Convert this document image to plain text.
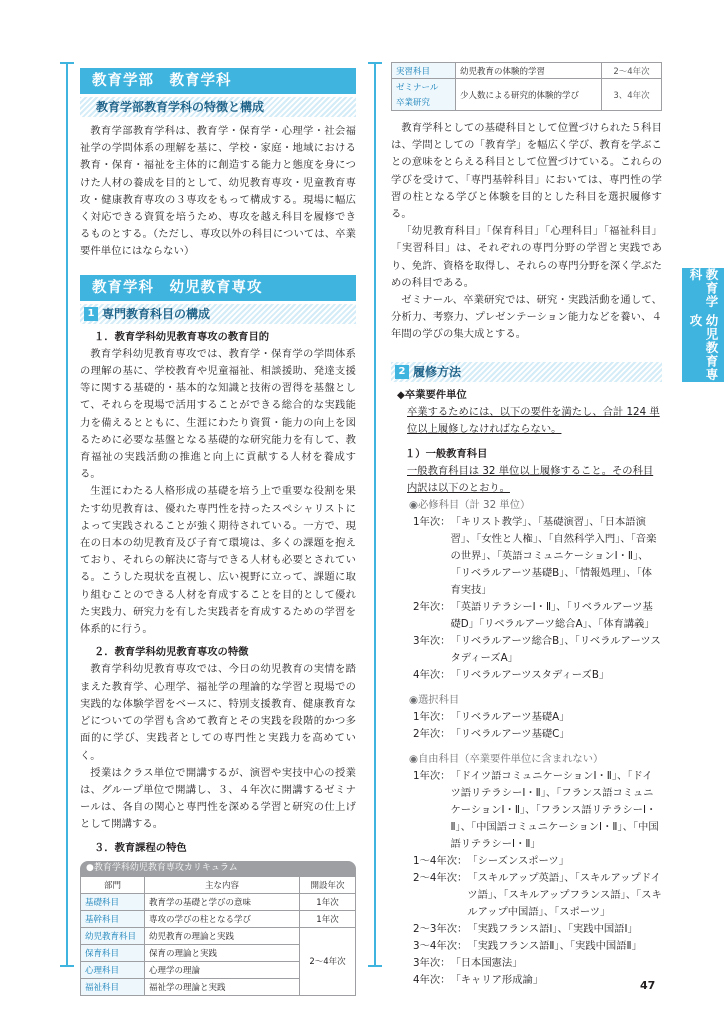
教育学部　教育学科
教育学部教育学科の特徴と構成

教育学部教育学科は、教育学・保育学・心理学・社会福祉学の学問体系の理解を基に、学校・家庭・地域における教育・保育・福祉を主体的に創造する能力と態度を身につけた人材の養成を目的として、幼児教育専攻・児童教育専攻・健康教育専攻の３専攻をもって構成する。現場に幅広く対応できる資質を培うため、専攻を越え科目を履修できるものとする。（ただし、専攻以外の科目については、卒業要件単位にはならない）

教育学科　幼児教育専攻
1 専門教育科目の構成
１．教育学科幼児教育専攻の教育目的

教育学科幼児教育専攻では、教育学・保育学の学問体系の理解の基に、学校教育や児童福祉、相談援助、発達支援等に関する基礎的・基本的な知識と技術の習得を基盤として、それらを現場で活用することができる総合的な実践能力を備えるとともに、生涯にわたり資質・能力の向上を図るために必要な基盤となる基礎的な研究能力を有して、教育福祉の実践活動の推進と向上に貢献する人材を養成する。

生涯にわたる人格形成の基礎を培う上で重要な役割を果たす幼児教育は、優れた専門性を持ったスペシャリストによって実践されることが強く期待されている。一方で、現在の日本の幼児教育及び子育て環境は、多くの課題を抱えており、それらの解決に寄与できる人材も必要とされている。こうした現状を直視し、広い視野に立って、課題に取り組むことのできる人材を育成することを目的として優れた実践力、研究力を有した実践者を育成するための学習を体系的に行う。

２．教育学科幼児教育専攻の特徴

教育学科幼児教育専攻では、今日の幼児教育の実情を踏まえた教育学、心理学、福祉学の理論的な学習と現場での実践的な体験学習をベースに、特別支援教育、健康教育などについての学習も含めて教育とその実践を段階的かつ多面的に学び、実践者としての専門性と実践力を高めていく。

授業はクラス単位で開講するが、演習や実技中心の授業は、グループ単位で開講し、３、４年次に開講するゼミナールは、各自の関心と専門性を深める学習と研究の仕上げとして開講する。

３．教育課程の特色
●教育学科幼児教育専攻カリキュラム
部門	主な内容	開設年次
基礎科目	教育学の基礎と学びの意味	1年次
基幹科目	専攻の学びの柱となる学び	1年次
幼児教育科目	幼児教育の理論と実践	2～4年次
保育科目	保育の理論と実践	
心理科目	心理学の理論	
福祉科目	福祉学の理論と実践	
実習科目	幼児教育の体験的学習	2～4年次
ゼミナール	少人数による研究的体験的学び	3、4年次
卒業研究		

教育学科としての基礎科目として位置づけられた５科目は、学問としての「教育学」を幅広く学び、教育を学ぶことの意味をとらえる科目として位置づけている。これらの学びを受けて、「専門基幹科目」においては、専門性の学習の柱となる学びと体験を目的とした科目を選択履修する。

「幼児教育科目」「保育科目」「心理科目」「福祉科目」「実習科目」は、それぞれの専門分野の学習と実践であり、免許、資格を取得し、それらの専門分野を深く学ぶための科目である。

ゼミナール、卒業研究では、研究・実践活動を通して、分析力、考察力、プレゼンテーション能力などを養い、４年間の学びの集大成とする。

2 履修方法
◆卒業要件単位
卒業するためには、以下の要件を満たし、合計 124 単位以上履修しなければならない。
１）一般教育科目
一般教育科目は 32 単位以上履修すること。その科目内訳は以下のとおり。
◉必修科目（計 32 単位）
1年次： 「キリスト教学」、「基礎演習」、「日本語演習」、「女性と人権」、「自然科学入門」、「音楽の世界」、「英語コミュニケーションⅠ・Ⅱ」、「リベラルアーツ基礎B」、「情報処理」、「体育実技」
2年次： 「英語リテラシーⅠ・Ⅱ」、「リベラルアーツ基礎D」「リベラルアーツ総合A」、「体育講義」
3年次： 「リベラルアーツ総合B」、「リベラルアーツスタディーズA」
4年次： 「リベラルアーツスタディーズB」
◉選択科目
1年次： 「リベラルアーツ基礎A」
2年次： 「リベラルアーツ基礎C」
◉自由科目（卒業要件単位に含まれない）
1年次： 「ドイツ語コミュニケーションⅠ・Ⅱ」、「ドイツ語リテラシーⅠ・Ⅱ」、「フランス語コミュニケーションⅠ・Ⅱ」、「フランス語リテラシーⅠ・Ⅱ」、「中国語コミュニケーションⅠ・Ⅱ」、「中国語リテラシーⅠ・Ⅱ」
1～4年次： 「シーズンスポーツ」
2～4年次： 「スキルアップ英語」、「スキルアップドイツ語」、「スキルアップフランス語」、「スキルアップ中国語」、「スポーツ」
2～3年次： 「実践フランス語Ⅰ」、「実践中国語Ⅰ」
3～4年次： 「実践フランス語Ⅱ」、「実践中国語Ⅱ」
3年次： 「日本国憲法」
4年次： 「キャリア形成論」
教育学科
幼児教育専攻
47
